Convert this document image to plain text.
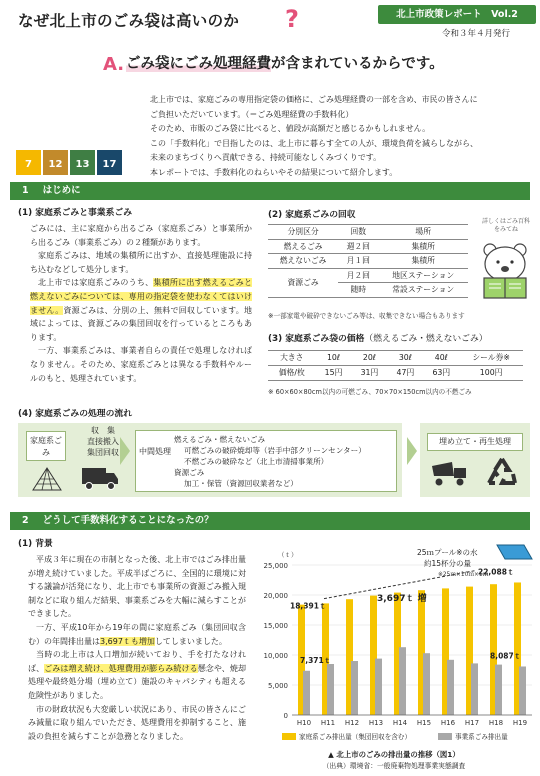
なぜ北上市のごみ袋は高いのか ?	北上市政策レポート　Vol.2
令和３年４月発行
A. ごみ袋にごみ処理経費が含まれているからです。
北上市では、家庭ごみの専用指定袋の価格に、ごみ処理経費の一部を含め、市民の皆さんに
ご負担いただいています。（＝ごみ処理経費の手数料化）
そのため、市販のごみ袋に比べると、値段が高額だと感じるかもしれません。
この「手数料化」で目指したのは、北上市に暮らす全ての人が、環境負荷を減らしながら、
未来のまちづくりへ貢献できる、持続可能なしくみづくりです。
本レポートでは、手数料化のねらいやその結果について紹介します。
7	12	13	17
1 はじめに
(1) 家庭系ごみと事業系ごみ

ごみには、主に家庭から出るごみ（家庭系ごみ）と事業所から出るごみ（事業系ごみ）の２種類があります。

家庭系ごみは、地域の集積所に出すか、直接処理施設に持ち込むなどして処分します。

北上市では家庭系ごみのうち、集積所に出す燃えるごみと燃えないごみについては、専用の指定袋を使わなくてはいけません。資源ごみは、分別の上、無料で回収しています。地域によっては、資源ごみの集団回収を行っているところもあります。

一方、事業系ごみは、事業者自らの責任で処理しなければなりません。そのため、家庭系ごみとは異なる手数料やルールのもと、処理されています。

(2) 家庭系ごみの回収
分別区分	回数	場所
燃えるごみ	週２回	集積所
燃えないごみ	月１回	集積所
資源ごみ	月２回	地区ステーション
	随時	常設ステーション
※一部家電や破砕できないごみ等は、収集できない場合もあります
詳しくはごみ百科をみてね
(3) 家庭系ごみ袋の価格（燃えるごみ・燃えないごみ）
大きさ	10ℓ	20ℓ	30ℓ	40ℓ	シール券※
価格/枚	15円	31円	47円	63円	100円
※ 60×60×80cm以内の可燃ごみ、70×70×150cm以内の不燃ごみ
(4) 家庭系ごみの処理の流れ
家庭系ごみ
収　集
直接搬入
集団回収	中間処理
燃えるごみ・燃えないごみ
可燃ごみの破砕焼却等（岩手中部クリーンセンター）
不燃ごみの破砕など（北上市清掃事業所）
資源ごみ
加工・保管（資源回収業者など）
埋め立て・再生処理
2 どうして手数料化することになったの？
(1) 背景

平成３年に現在の市制となった後、北上市ではごみ排出量が増え続けていました。平成半ばごろに、全国的に環境に対する議論が活発になり、北上市でも事業所の資源ごみ搬入規制などに取り組んだ結果、事業系ごみを大幅に減らすことができました。

一方、平成10年から19年の間に家庭系ごみ（集団回収含む）の年間排出量は3,697ｔも増加してしまいました。

当時の北上市は人口増加が続いており、手を打たなければ、ごみは増え続け、処理費用が膨らみ続ける懸念や、焼却処理や最終処分場（埋め立て）施設のキャパシティも超える危険性がありました。

市の財政状況も大変厳しい状況にあり、市民の皆さんにごみ減量に取り組んでいただき、処理費用を抑制すること、施設の負担を減らすことが急務となりました。

0
5,000
10,000
15,000
20,000
25,000
（ｔ）
H10 H11 H12 H13 H14 H15 H16 H17 H18 H19
18,391ｔ
7,371ｔ
22,088ｔ
8,087ｔ
3,697ｔ 増
25ｍプール※の水
約15杯分の量
※25ｍ×10ｍ×1ｍ
家庭系ごみ排出量（集団回収を含む）	事業系ごみ排出量
▲ 北上市のごみの排出量の推移（図1）
（出典）環境省：一般廃棄物処理事業実態調査
